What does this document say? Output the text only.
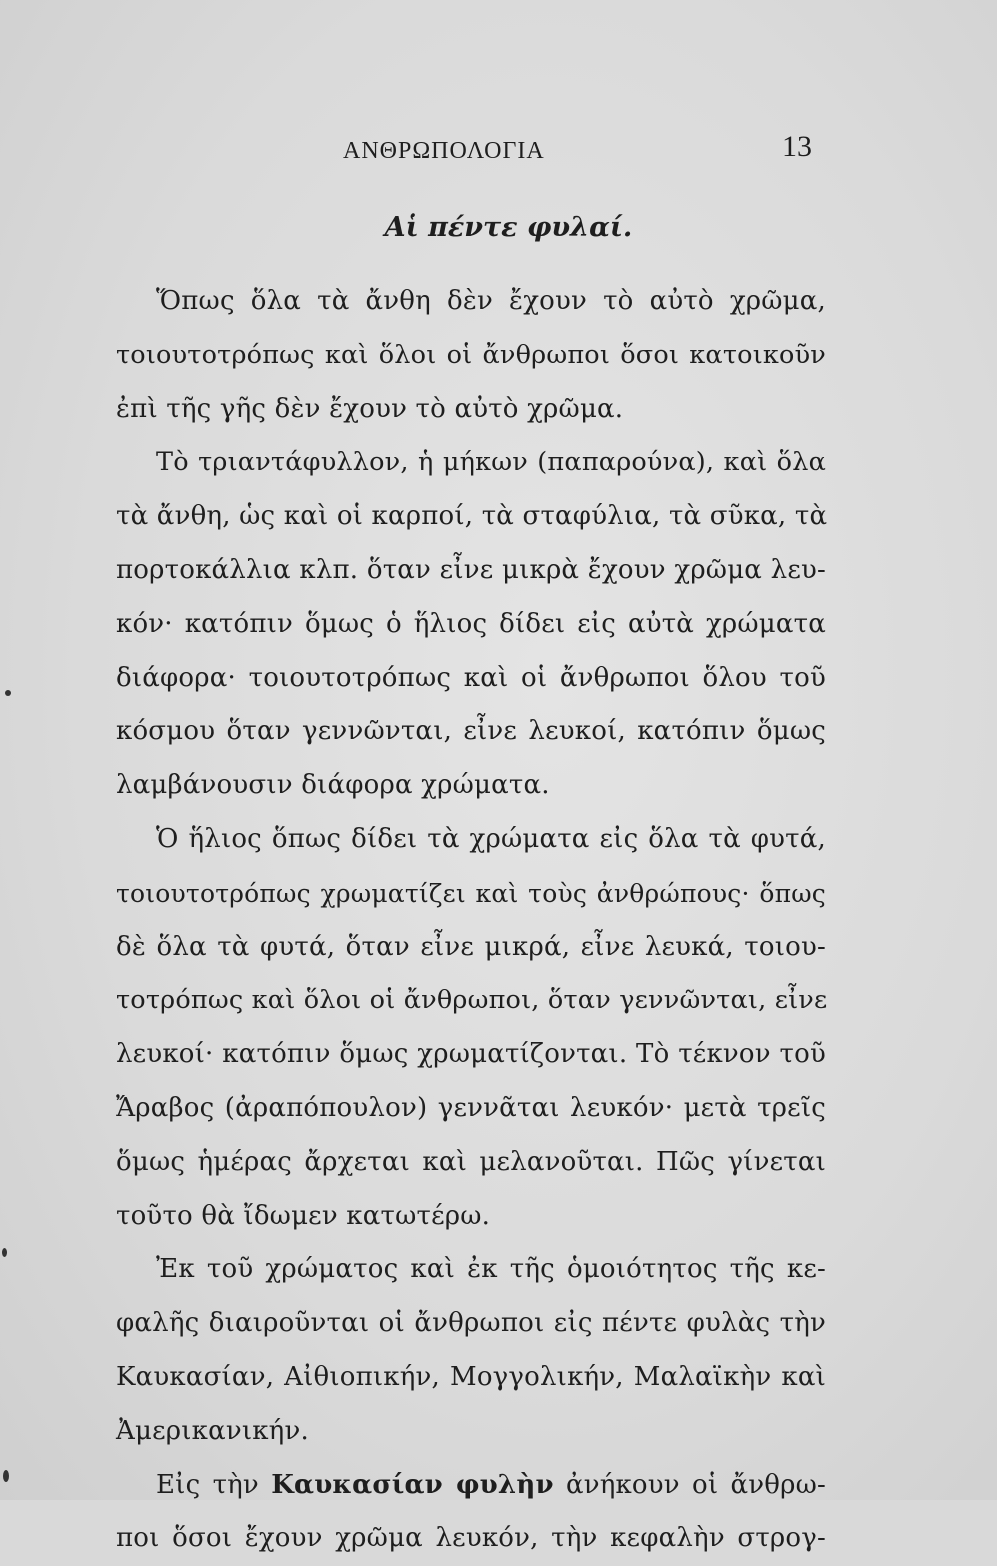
ΑΝΘΡΩΠΟΛΟΓΙΑ	13
Αἱ πέντε φυλαί.
Ὅπως ὅλα τὰ ἄνθη δὲν ἔχουν τὸ αὐτὸ χρῶμα,
τοιουτοτρόπως καὶ ὅλοι οἱ ἄνθρωποι ὅσοι κατοικοῦν
ἐπὶ τῆς γῆς δὲν ἔχουν τὸ αὐτὸ χρῶμα.
Τὸ τριαντάφυλλον, ἡ μήκων (παπαρούνα), καὶ ὅλα
τὰ ἄνθη, ὡς καὶ οἱ καρποί, τὰ σταφύλια, τὰ σῦκα, τὰ
πορτοκάλλια κλπ. ὅταν εἶνε μικρὰ ἔχουν χρῶμα λευ-
κόν· κατόπιν ὅμως ὁ ἥλιος δίδει εἰς αὐτὰ χρώματα
διάφορα· τοιουτοτρόπως καὶ οἱ ἄνθρωποι ὅλου τοῦ
κόσμου ὅταν γεννῶνται, εἶνε λευκοί, κατόπιν ὅμως
λαμβάνουσιν διάφορα χρώματα.
Ὁ ἥλιος ὅπως δίδει τὰ χρώματα εἰς ὅλα τὰ φυτά,
τοιουτοτρόπως χρωματίζει καὶ τοὺς ἀνθρώπους· ὅπως
δὲ ὅλα τὰ φυτά, ὅταν εἶνε μικρά, εἶνε λευκά, τοιου-
τοτρόπως καὶ ὅλοι οἱ ἄνθρωποι, ὅταν γεννῶνται, εἶνε
λευκοί· κατόπιν ὅμως χρωματίζονται. Τὸ τέκνον τοῦ
Ἄραβος (ἀραπόπουλον) γεννᾶται λευκόν· μετὰ τρεῖς
ὅμως ἡμέρας ἄρχεται καὶ μελανοῦται. Πῶς γίνεται
τοῦτο θὰ ἴδωμεν κατωτέρω.
Ἐκ τοῦ χρώματος καὶ ἐκ τῆς ὁμοιότητος τῆς κε-
φαλῆς διαιροῦνται οἱ ἄνθρωποι εἰς πέντε φυλὰς τὴν
Καυκασίαν, Αἰθιοπικήν, Μογγολικήν, Μαλαϊκὴν καὶ
Ἀμερικανικήν.
Εἰς τὴν Καυκασίαν φυλὴν ἀνήκουν οἱ ἄνθρω-
ποι ὅσοι ἔχουν χρῶμα λευκόν, τὴν κεφαλὴν στρογ-
